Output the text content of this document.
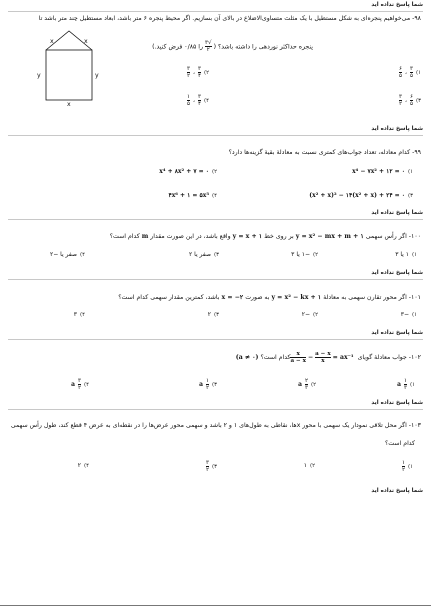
شما پاسخ نداده اید
۹۸- می‌خواهیم پنجره‌ای به شکل مستطیل با یک مثلث متساوی‌الاضلاع در بالای آن بسازیم. اگر محیط پنجره ۶ متر باشد، ابعاد مستطیل چند متر باشد تا
پنجره حداکثر نوردهی را داشته باشد؟ (
$\frac{√۳}{۲}$
را ۰/۸۵ فرض کنید.)
x	x
y	y
x
۱)
$\frac{۳}{۵}$
،
$\frac{۶}{۵}$
۲)
$\frac{۳}{۴}$
،
$\frac{۳}{۲}$
۳)
$\frac{۶}{۵}$
،
$\frac{۳}{۲}$
۴)
$\frac{۳}{۴}$
،
$\frac{۱}{۵}$
شما پاسخ نداده اید
۹۹- کدام معادله، تعداد جواب‌های کمتری نسبت به معادلهٔ بقیهٔ گزینه‌ها دارد؟
۱)
x⁴ − ۷x² + ۱۲ = ۰
۲)
x⁴ + ۸x² + ۷ = ۰
۳)
(x² + x)² − ۱۴(x² + x) + ۲۴ = ۰
۴)
۴x⁶ + ۱ = ۵x³
شما پاسخ نداده اید
۱۰۰- اگر رأس سهمی y = x² − mx + m + ۱ بر روی خط y = x + ۱ واقع باشد، در این صورت مقدار m کدام است؟
۱)
۱ یا ۳
۲)
−۱ یا ۳
۳)
صفر یا ۲
۴)
صفر یا −۲
شما پاسخ نداده اید
۱۰۱- اگر محور تقارن سهمی به معادلهٔ y = x² − kx + ۱ به صورت x = −۲ باشد، کمترین مقدار سهمی کدام است؟
۱)
−۳
۲)
−۲
۳)
۲
۴)
۳
شما پاسخ نداده اید
۱۰۲- جواب معادلهٔ گویای
$\frac{x}{a - x} - \frac{a - x}{x} = ax^{-1}$ کدام است؟ (a ≠ ۰)
۱)
$\frac{۱}{۳}$
a
۲)
$\frac{۲}{۳}$
a
۳)
$\frac{۱}{۲}$
a
۴)
$\frac{۳}{۲}$
a
شما پاسخ نداده اید
۱۰۳- اگر محل تلاقی نمودار یک سهمی با محور xها، نقاطی به طول‌های ۱ و ۲ باشد و سهمی محور عرض‌ها را در نقطه‌ای به عرض ۴ قطع کند، طول رأس سهمی
کدام است؟
۱)
$\frac{۱}{۲}$
۲)
۱
۳)
$\frac{۳}{۲}$
۴)
۲
شما پاسخ نداده اید
